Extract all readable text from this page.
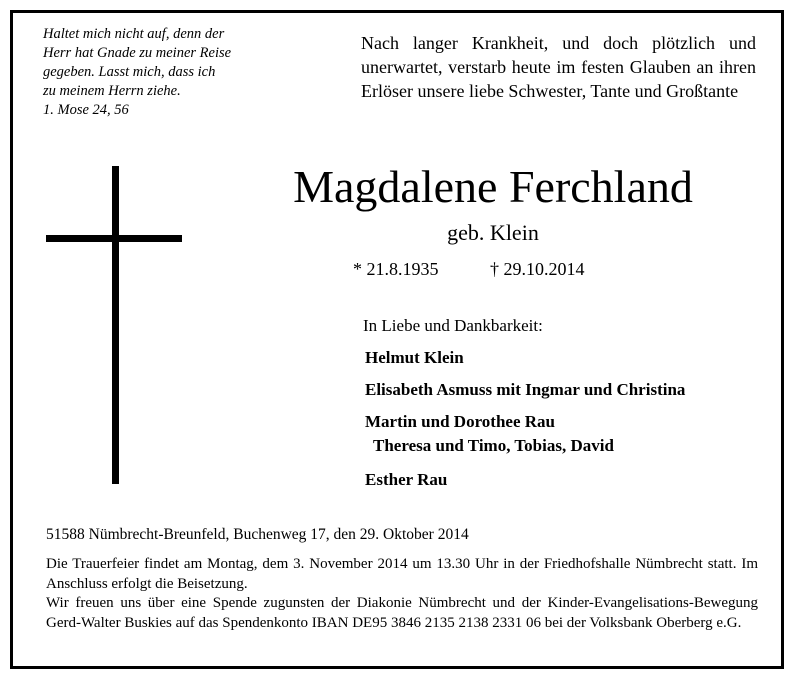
Haltet mich nicht auf, denn der
Herr hat Gnade zu meiner Reise
gegeben. Lasst mich, dass ich
zu meinem Herrn ziehe.
1. Mose 24, 56
Nach langer Krankheit, und doch plötzlich und unerwartet, verstarb heute im festen Glauben an ihren Erlöser unsere liebe Schwester, Tante und Großtante
Magdalene Ferchland
geb. Klein
* 21.8.1935	† 29.10.2014
In Liebe und Dankbarkeit:
Helmut Klein
Elisabeth Asmuss mit Ingmar und Christina
Martin und Dorothee Rau
Theresa und Timo, Tobias, David
Esther Rau
51588 Nümbrecht-Breunfeld, Buchenweg 17, den 29. Oktober 2014

Die Trauerfeier findet am Montag, dem 3. November 2014 um 13.30 Uhr in der Friedhofshalle Nümbrecht statt. Im Anschluss erfolgt die Beisetzung.

Wir freuen uns über eine Spende zugunsten der Diakonie Nümbrecht und der Kinder-Evangelisations-Bewegung Gerd-Walter Buskies auf das Spendenkonto IBAN DE95 3846 2135 2138 2331 06 bei der Volksbank Oberberg e.G.
